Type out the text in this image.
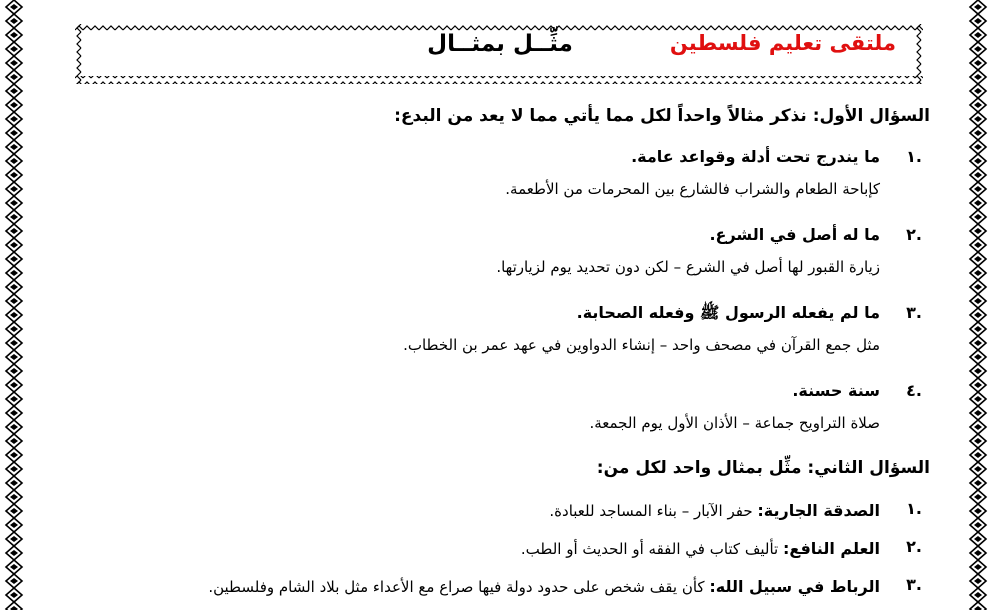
ملتقى تعليم فلسطين
مثِّــل بمثــال

السؤال الأول: نذكر مثالاً واحداً لكل مما يأتي مما لا يعد من البدع:

.١
ما يندرج تحت أدلة وقواعد عامة.
كإباحة الطعام والشراب فالشارع بين المحرمات من الأطعمة.
.٢
ما له أصل في الشرع.
زيارة القبور لها أصل في الشرع – لكن دون تحديد يوم لزيارتها.
.٣
ما لم يفعله الرسول ﷺ وفعله الصحابة.
مثل جمع القرآن في مصحف واحد – إنشاء الدواوين في عهد عمر بن الخطاب.
.٤
سنة حسنة.
صلاة التراويح جماعة – الأذان الأول يوم الجمعة.

السؤال الثاني: مثِّل بمثال واحد لكل من:

.١
الصدقة الجارية: حفر الآبار – بناء المساجد للعبادة.
.٢
العلم النافع: تأليف كتاب في الفقه أو الحديث أو الطب.
.٣
الرباط في سبيل الله: كأن يقف شخص على حدود دولة فيها صراع مع الأعداء مثل بلاد الشام وفلسطين.
